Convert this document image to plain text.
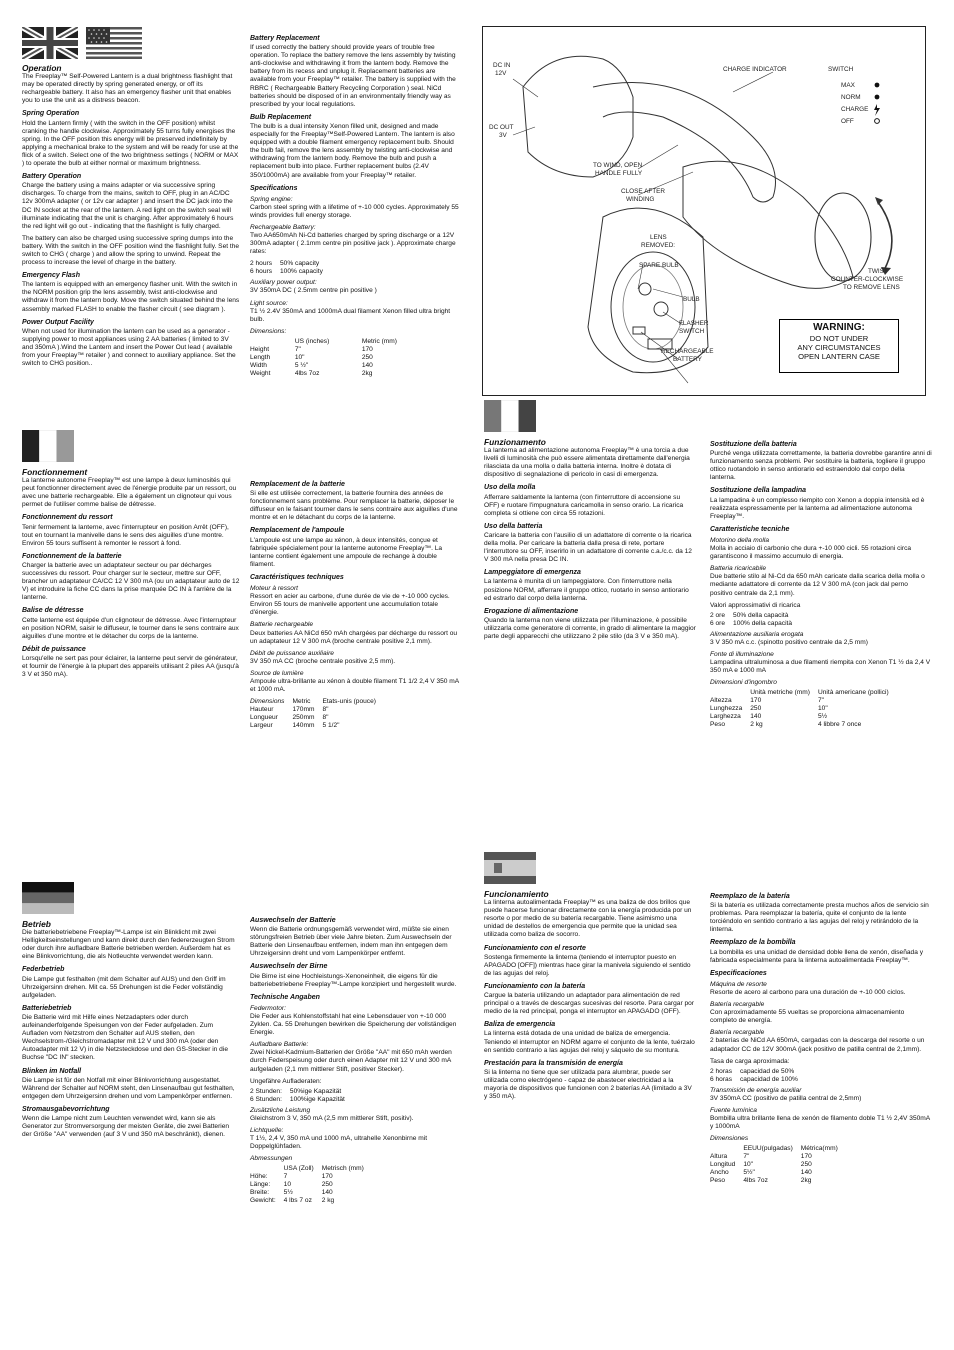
Operation

The Freeplay™ Self-Powered Lantern is a dual brightness flashlight that may be operated directly by spring generated energy, or off its rechargeable battery. It also has an emergency flasher unit that enables you to use the unit as a distress beacon.

Spring Operation

Hold the Lantern firmly ( with the switch in the OFF position) whilst cranking the handle clockwise. Approximately 55 turns fully energises the spring. In the OFF position this energy will be preserved indefinitely by applying a mechanical brake to the system and will be ready for use at the flick of a switch. Select one of the two brightness settings ( NORM or MAX ) to operate the bulb at either normal or maximum brightness.

Battery Operation

Charge the battery using a mains adapter or via successive spring discharges. To charge from the mains, switch to OFF, plug in an AC/DC 12v 300mA adapter ( or 12v car adapter ) and insert the DC jack into the DC IN socket at the rear of the lantern. A red light on the switch seal will illuminate indicating that the unit is charging. After approximately 6 hours the red light will go out - indicating that the flashlight is fully charged.

The battery can also be charged using successive spring dumps into the battery. With the switch in the OFF position wind the flashlight fully. Set the switch to CHG ( charge ) and allow the spring to unwind. Repeat the process to increase the level of charge in the battery.

Emergency Flash

The lantern is equipped with an emergency flasher unit. With the switch in the NORM position grip the lens assembly, twist anti-clockwise and withdraw it from the lantern body. Move the switch situated behind the lens assembly marked FLASH to enable the flasher circuit ( see diagram ).

Power Output Facility

When not used for illumination the lantern can be used as a generator - supplying power to most appliances using 2 AA batteries ( limited to 3V and 350mA ).Wind the Lantern and insert the Power Out lead ( available from your Freeplay™ retailer ) and connect to auxiliary appliance. Set the switch to CHG position..

Battery Replacement

If used correctly the battery should provide years of trouble free operation. To replace the battery remove the lens assembly by twisting anti-clockwise and withdrawing it from the lantern body. Remove the battery from its recess and unplug it. Replacement batteries are available from your Freeplay™ retailer. The battery is supplied with the RBRC ( Rechargeable Battery Recycling Corporation ) seal. NiCd batteries should be disposed of in an environmentally friendly way as prescribed by your local regulations.

Bulb Replacement

The bulb is a dual intensity Xenon filled unit, designed and made especially for the Freeplay™Self-Powered Lantern. The lantern is also equipped with a double filament emergency replacement bulb. Should the bulb fail, remove the lens assembly by twisting anti-clockwise and withdrawing from the lantern body. Remove the bulb and push a replacement bulb into place. Further replacement bulbs (2.4V 350/1000mA) are available from your Freeplay™ retailer.

Specifications
Spring engine:

Carbon steel spring with a lifetime of +-10 000 cycles. Approximately 55 winds provides full energy storage.

Rechargeable Battery:

Two AA650mAh Ni-Cd batteries charged by spring discharge or a 12V 300mA adapter ( 2.1mm centre pin positive jack ). Approximate charge rates:

2 hours	50% capacity
6 hours	100% capacity
Auxiliary power output:

3V 350mA DC ( 2.5mm centre pin positive )

Light source:

T1 ½ 2.4V 350mA and 1000mA dual filament Xenon filled ultra bright bulb.

Dimensions:
	US (inches)	Metric (mm)
Height	7"	170
Length	10"	250
Width	5 ½"	140
Weight	4lbs 7oz	2kg
DC IN 12V
DC OUT 3V
CHARGE INDICATOR	SWITCH
MAX
NORM
CHARGE
OFF
TO WIND, OPEN HANDLE FULLY
CLOSE AFTER WINDING
LENS REMOVED:
SPARE BULB
BULB
FLASHER SWITCH
RECHARGEABLE BATTERY
TWIST COUNTER-CLOCKWISE TO REMOVE LENS
WARNING:
DO NOT UNDER
ANY CIRCUMSTANCES
OPEN LANTERN CASE
Fonctionnement

La lanterne autonome Freeplay™ est une lampe à deux luminosités qui peut fonctionner directement avec de l'énergie produite par un ressort, ou avec une batterie rechargeable. Elle a également un clignoteur qui vous permet de l'utiliser comme balise de détresse.

Fonctionnement du ressort

Tenir fermement la lanterne, avec l'interrupteur en position Arrêt (OFF), tout en tournant la manivelle dans le sens des aiguilles d'une montre. Environ 55 tours suffisent à remonter le ressort à fond.

Fonctionnement de la batterie

Charger la batterie avec un adaptateur secteur ou par décharges successives du ressort. Pour charger sur le secteur, mettre sur OFF, brancher un adaptateur CA/CC 12 V 300 mA (ou un adaptateur auto de 12 V) et introduire la fiche CC dans la prise marquée DC IN à l'arrière de la lanterne.

Balise de détresse

Cette lanterne est équipée d'un clignoteur de détresse. Avec l'interrupteur en position NORM, saisir le diffuseur, le tourner dans le sens contraire aux aiguilles d'une montre et le détacher du corps de la lanterne.

Débit de puissance

Lorsqu'elle ne sert pas pour éclairer, la lanterne peut servir de générateur, et fournir de l'énergie à la plupart des appareils utilisant 2 piles AA (jusqu'à 3 V et 350 mA).

Remplacement de la batterie

Si elle est utilisée correctement, la batterie fournira des années de fonctionnement sans problème. Pour remplacer la batterie, déposer le diffuseur en le faisant tourner dans le sens contraire aux aiguilles d'une montre et en le détachant du corps de la lanterne.

Remplacement de l'ampoule

L'ampoule est une lampe au xénon, à deux intensités, conçue et fabriquée spécialement pour la lanterne autonome Freeplay™. La lanterne contient également une ampoule de rechange à double filament.

Caractéristiques techniques
Moteur à ressort

Ressort en acier au carbone, d'une durée de vie de +-10 000 cycles. Environ 55 tours de manivelle apportent une accumulation totale d'énergie.

Batterie rechargeable

Deux batteries AA NiCd 650 mAh chargées par décharge du ressort ou un adaptateur 12 V 300 mA (broche centrale positive 2,1 mm).

Débit de puissance auxiliaire

3V 350 mA CC (broche centrale positive 2,5 mm).

Source de lumière

Ampoule ultra-brillante au xénon à double filament T1 1/2 2,4 V 350 mA et 1000 mA.

Dimensions	Metric	Etats-unis (pouce)
Hauteur	170mm	8"
Longueur	250mm	8"
Largeur	140mm	5 1/2"
Funzionamento

La lanterna ad alimentazione autonoma Freeplay™ è una torcia a due livelli di luminosità che può essere alimentata direttamente dall'energia rilasciata da una molla o dalla batteria interna. Inoltre è dotata di dispositivo di segnalazione di pericolo in casi di emergenza.

Uso della molla

Afferrare saldamente la lanterna (con l'interruttore di accensione su OFF) e ruotare l'impugnatura caricamolla in senso orario. La ricarica completa si ottiene con circa 55 rotazioni.

Uso della batteria

Caricare la batteria con l'ausilio di un adattatore di corrente o la ricarica della molla. Per caricare la batteria dalla presa di rete, portare l'interruttore su OFF, inserirlo in un adattatore di corrente c.a./c.c. da 12 V 300 mA nella presa DC IN.

Lampeggiatore di emergenza

La lanterna è munita di un lampeggiatore. Con l'interruttore nella posizione NORM, afferrare il gruppo ottico, ruotarlo in senso antiorario ed estrarlo dal corpo della lanterna.

Erogazione di alimentazione

Quando la lanterna non viene utilizzata per l'illuminazione, è possibile utilizzarla come generatore di corrente, in grado di alimentare la maggior parte degli apparecchi che utilizzano 2 pile stilo (da 3 V e 350 mA).

Sostituzione della batteria

Purché venga utilizzata correttamente, la batteria dovrebbe garantire anni di funzionamento senza problemi. Per sostituire la batteria, togliere il gruppo ottico ruotandolo in senso antiorario ed estraendolo dal corpo della lanterna.

Sostituzione della lampadina

La lampadina è un complesso riempito con Xenon a doppia intensità ed è realizzata espressamente per la lanterna ad alimentazione autonoma Freeplay™.

Caratteristiche tecniche
Motorino della molla

Molla in acciaio di carbonio che dura +-10 000 cicli. 55 rotazioni circa garantiscono il massimo accumulo di energia.

Batteria ricaricabile

Due batterie stilo al Ni-Cd da 650 mAh caricate dalla scarica della molla o mediante adattatore di corrente da 12 V 300 mA (con jack dal perno positivo centrale da 2,1 mm).

Valori approssimativi di ricarica
2 ore	50% della capacità
6 ore	100% della capacità
Alimentazione ausiliaria erogata

3 V 350 mA c.c. (spinotto positivo centrale da 2,5 mm)

Fonte di illuminazione

Lampadina ultraluminosa a due filamenti riempita con Xenon T1 ½ da 2,4 V 350 mA e 1000 mA

Dimensioni d'ingombro
	Unità metriche (mm)	Unità americane (pollici)
Altezza	170	7"
Lunghezza	250	10"
Larghezza	140	5½
Peso	2 kg	4 libbre 7 once
Betrieb

Die batteriebetriebene Freeplay™-Lampe ist ein Blinklicht mit zwei Helligkeitseinstellungen und kann direkt durch den federerzeugten Strom oder durch ihre aufladbare Batterie betrieben werden. Außerdem hat es eine Blinkvorrichtung, die als Notleuchte verwendet werden kann.

Federbetrieb

Die Lampe gut festhalten (mit dem Schalter auf AUS) und den Griff im Uhrzeigersinn drehen. Mit ca. 55 Drehungen ist die Feder vollständig aufgeladen.

Batteriebetrieb

Die Batterie wird mit Hilfe eines Netzadapters oder durch aufeinanderfolgende Speisungen von der Feder aufgeladen. Zum Aufladen vom Netzstrom den Schalter auf AUS stellen, den Wechselstrom-/Gleichstromadapter mit 12 V und 300 mA (oder den Autoadapter mit 12 V) in die Netzsteckdose und den GS-Stecker in die Buchse "DC IN" stecken.

Blinken im Notfall

Die Lampe ist für den Notfall mit einer Blinkvorrichtung ausgestattet. Während der Schalter auf NORM steht, den Linsenaufbau gut festhalten, entgegen dem Uhrzeigersinn drehen und vom Lampenkörper entfernen.

Stromausgabevorrichtung

Wenn die Lampe nicht zum Leuchten verwendet wird, kann sie als Generator zur Stromversorgung der meisten Geräte, die zwei Batterien der Größe "AA" verwenden (auf 3 V und 350 mA beschränkt), dienen.

Auswechseln der Batterie

Wenn die Batterie ordnungsgemäß verwendet wird, müßte sie einen störungsfreien Betrieb über viele Jahre bieten. Zum Auswechseln der Batterie den Linsenaufbau entfernen, indem man ihn entgegen dem Uhrzeigersinn dreht und vom Lampenkörper entfernt.

Auswechseln der Birne

Die Birne ist eine Hochleistungs-Xenoneinheit, die eigens für die batteriebetriebene Freeplay™-Lampe konzipiert und hergestellt wurde.

Technische Angaben
Federmotor:

Die Feder aus Kohlenstoffstahl hat eine Lebensdauer von +-10 000 Zyklen. Ca. 55 Drehungen bewirken die Speicherung der vollständigen Energie.

Aufladbare Batterie:

Zwei Nickel-Kadmium-Batterien der Größe "AA" mit 650 mAh werden durch Federspeisung oder durch einen Adapter mit 12 V und 300 mA aufgeladen (2,1 mm mittlerer Stift, positiver Stecker).

Ungefähre Aufladeraten:
2 Stunden:	50%ige Kapazität
6 Stunden:	100%ige Kapazität
Zusätzliche Leistung

Gleichstrom 3 V, 350 mA (2,5 mm mittlerer Stift, positiv).

Lichtquelle:

T 1½, 2,4 V, 350 mA und 1000 mA, ultrahelle Xenonbirne mit Doppelglühfaden.

Abmessungen
	USA (Zoll)	Metrisch (mm)
Höhe:	7	170
Länge:	10	250
Breite:	5½	140
Gewicht:	4 lbs 7 oz	2 kg
Funcionamiento

La linterna autoalimentada Freeplay™ es una baliza de dos brillos que puede hacerse funcionar directamente con la energía producida por un resorte o por medio de su batería recargable. Tiene asimismo una unidad de destellos de emergencia que permite que la unidad sea utilizada como baliza de socorro.

Funcionamiento con el resorte

Sostenga firmemente la linterna (teniendo el interruptor puesto en APAGADO [OFF]) mientras hace girar la manivela siguiendo el sentido de las agujas del reloj.

Funcionamiento con la batería

Cargue la batería utilizando un adaptador para alimentación de red principal o a través de descargas sucesivas del resorte. Para cargar por medio de la red principal, ponga el interruptor en APAGADO (OFF).

Baliza de emergencia

La linterna está dotada de una unidad de baliza de emergencia. Teniendo el interruptor en NORM agarre el conjunto de la lente, tuérzalo en sentido contrario a las agujas del reloj y sáquelo de su montura.

Prestación para la transmisión de energía

Si la linterna no tiene que ser utilizada para alumbrar, puede ser utilizada como electrógeno - capaz de abastecer electricidad a la mayoría de dispositivos que funcionen con 2 baterías AA (limitado a 3V y 350 mA).

Reemplazo de la batería

Si la batería es utilizada correctamente presta muchos años de servicio sin problemas. Para reemplazar la batería, quite el conjunto de la lente torciéndolo en sentido contrario a las agujas del reloj y retirándolo de la linterna.

Reemplazo de la bombilla

La bombilla es una unidad de densidad doble llena de xenón, diseñada y fabricada especialmente para la linterna autoalimentada Freeplay™.

Especificaciones
Máquina de resorte

Resorte de acero al carbono para una duración de +-10 000 ciclos.

Batería recargable

Con aproximadamente 55 vueltas se proporciona almacenamiento completo de energía.

Batería recargable

2 baterías de NiCd AA 650mA, cargadas con la descarga del resorte o un adaptador CC de 12V 300mA (jack positivo de patilla central de 2,1mm).

Tasa de carga aproximada:
2 horas	capacidad de 50%
6 horas	capacidad de 100%
Transmisión de energía auxiliar

3V 350mA CC (positivo de patilla central de 2,5mm)

Fuente lumínica

Bombilla ultra brillante llena de xenón de filamento doble T1 ½ 2,4V 350mA y 1000mA

Dimensiones
	EEUU(pulgadas)	Métrica(mm)
Altura	7"	170
Longitud	10"	250
Ancho	5½"	140
Peso	4lbs 7oz	2kg
